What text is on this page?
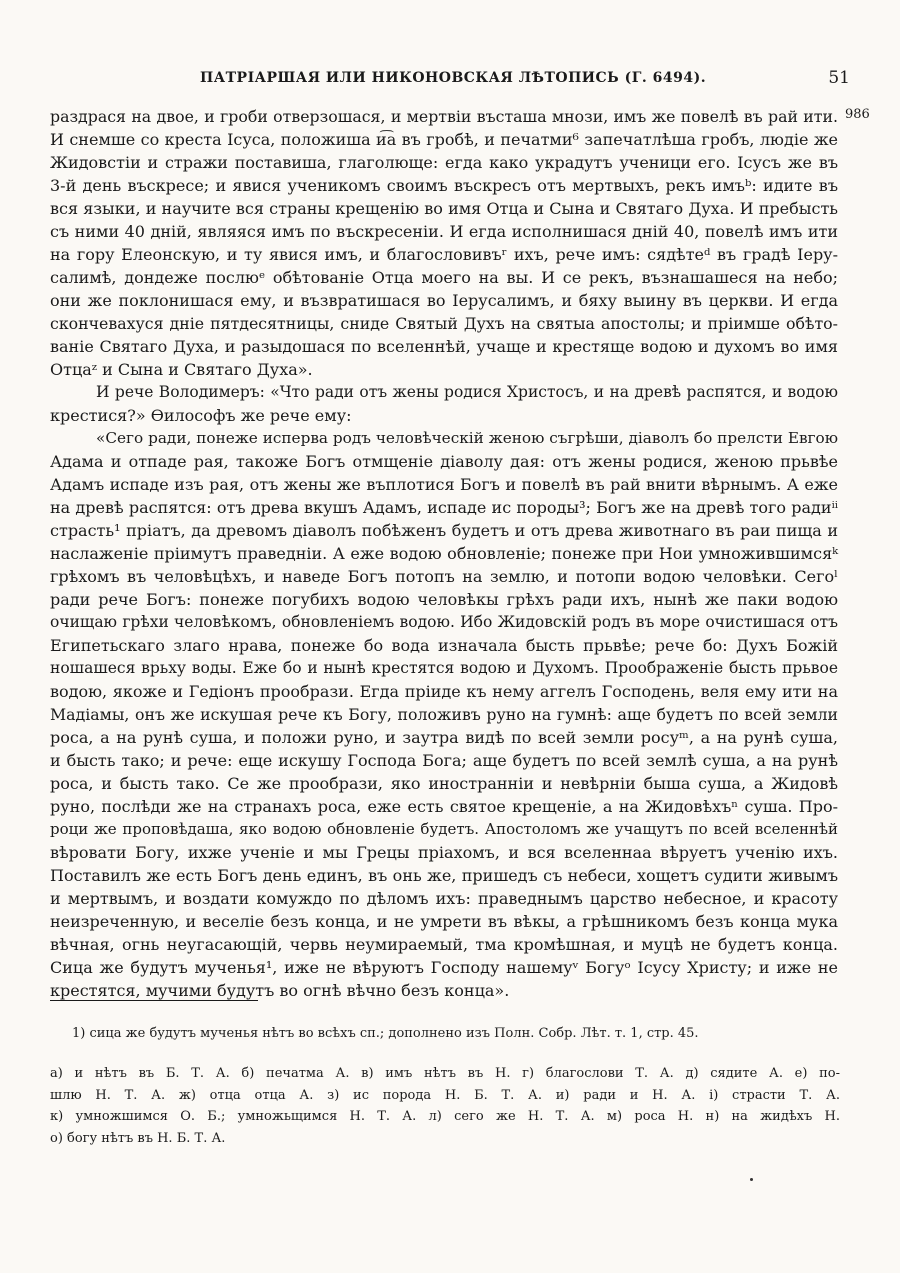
ПАТРІАРШАЯ ИЛИ НИКОНОВСКАЯ ЛѢТОПИСЬ (Г. 6494).	51
986
раздрася на двое, и гроби отверзошася, и мертвіи въсташа мнози, имъ же повелѣ въ рай ити.
И снемше со креста Ісуса, положиша и͡а въ гробѣ, и печатми⁶ запечатлѣша гробъ, людіе же
Жидовстіи и стражи поставиша, глаголюще: егда како украдутъ ученици его. Ісусъ же въ
3-й день въскресе; и явися ученикомъ своимъ въскресъ отъ мертвыхъ, рекъ имъᵇ: идите въ
вся языки, и научите вся страны крещенію во имя Отца и Сына и Святаго Духа. И пребысть
съ ними 40 дній, являяся имъ по въскресеніи. И егда исполнишася дній 40, повелѣ имъ ити
на гору Елеонскую, и ту явися имъ, и благословивъʳ ихъ, рече имъ: сядѣтеᵈ въ градѣ Іеру-
салимѣ, дондеже послюᵉ обѣтованіе Отца моего на вы. И се рекъ, възнашашеся на небо;
они же поклонишася ему, и възвратишася во Іерусалимъ, и бяху выину въ церкви. И егда
скончевахуся дніе пятдесятницы, сниде Святый Духъ на святыа апостолы; и пріимше обѣто-
ваніе Святаго Духа, и разыдошася по вселеннѣй, учаще и крестяще водою и духомъ во имя
Отцаᶻ и Сына и Святаго Духа».
И рече Володимеръ: «Что ради отъ жены родися Христосъ, и на древѣ распятся, и водою
крестися?» Ѳилософъ же рече ему:
«Сего ради, понеже исперва родъ человѣческій женою съгрѣши, діаволъ бо прелсти Евгою
Адама и отпаде рая, такоже Богъ отмщеніе діаволу дая: отъ жены родися, женою прьвѣе
Адамъ испаде изъ рая, отъ жены же въплотися Богъ и повелѣ въ рай внити вѣрнымъ. А еже
на древѣ распятся: отъ древа вкушъ Адамъ, испаде ис породы³; Богъ же на древѣ того радиⁱⁱ
страсть¹ пріатъ, да древомъ діаволъ побѣженъ будетъ и отъ древа животнаго въ раи пища и
наслаженіе пріимутъ праведніи. А еже водою обновленіе; понеже при Нои умножившимсяᵏ
грѣхомъ въ человѣцѣхъ, и наведе Богъ потопъ на землю, и потопи водою человѣки. Сегоˡ
ради рече Богъ: понеже погубихъ водою человѣкы грѣхъ ради ихъ, нынѣ же паки водою
очищаю грѣхи человѣкомъ, обновленіемъ водою. Ибо Жидовскій родъ въ море очистишася отъ
Египетьскаго злаго нрава, понеже бо вода изначала бысть прьвѣе; рече бо: Духъ Божій
ношашеся врьху воды. Еже бо и нынѣ крестятся водою и Духомъ. Проображеніе бысть прьвое
водою, якоже и Гедіонъ прообрази. Егда пріиде къ нему аггелъ Господень, веля ему ити на
Мадіамы, онъ же искушая рече къ Богу, положивъ руно на гумнѣ: аще будетъ по всей земли
роса, а на рунѣ суша, и положи руно, и заутра видѣ по всей земли росуᵐ, а на рунѣ суша,
и бысть тако; и рече: еще искушу Господа Бога; аще будетъ по всей землѣ суша, а на рунѣ
роса, и бысть тако. Се же прообрази, яко иностранніи и невѣрніи быша суша, а Жидовѣ
руно, послѣди же на странахъ роса, еже есть святое крещеніе, а на Жидовѣхъⁿ суша. Про-
роци же проповѣдаша, яко водою обновленіе будетъ. Апостоломъ же учащутъ по всей вселеннѣй
вѣровати Богу, ихже ученіе и мы Грецы пріахомъ, и вся вселеннаа вѣруетъ ученію ихъ.
Поставилъ же есть Богъ день единъ, въ онь же, пришедъ съ небеси, хощетъ судити живымъ
и мертвымъ, и воздати комуждо по дѣломъ ихъ: праведнымъ царство небесное, и красоту
неизреченную, и веселіе безъ конца, и не умрети въ вѣкы, а грѣшникомъ безъ конца мука
вѣчная, огнь неугасающій, червь неумираемый, тма кромѣшная, и муцѣ не будетъ конца.
Сица же будутъ мученья¹, иже не вѣруютъ Господу нашемуᵛ Богуᵒ Ісусу Христу; и иже не
крестятся, мучими будутъ во огнѣ вѣчно безъ конца».
1) сица же будутъ мученья нѣтъ во всѣхъ сп.; дополнено изъ Полн. Собр. Лѣт. т. 1, стр. 45.
а) и нѣтъ въ Б. Т. А. б) печатма А. в) имъ нѣтъ въ Н. г) благослови Т. А. д) сядите А. е) по-
шлю Н. Т. А. ж) отца отца А. з) ис порода Н. Б. Т. А. и) ради и Н. А. і) страсти Т. А.
к) умножшимся О. Б.; умножьщимся Н. Т. А. л) сего же Н. Т. А. м) роса Н. н) на жидѣхъ Н.
о) богу нѣтъ въ Н. Б. Т. А.
